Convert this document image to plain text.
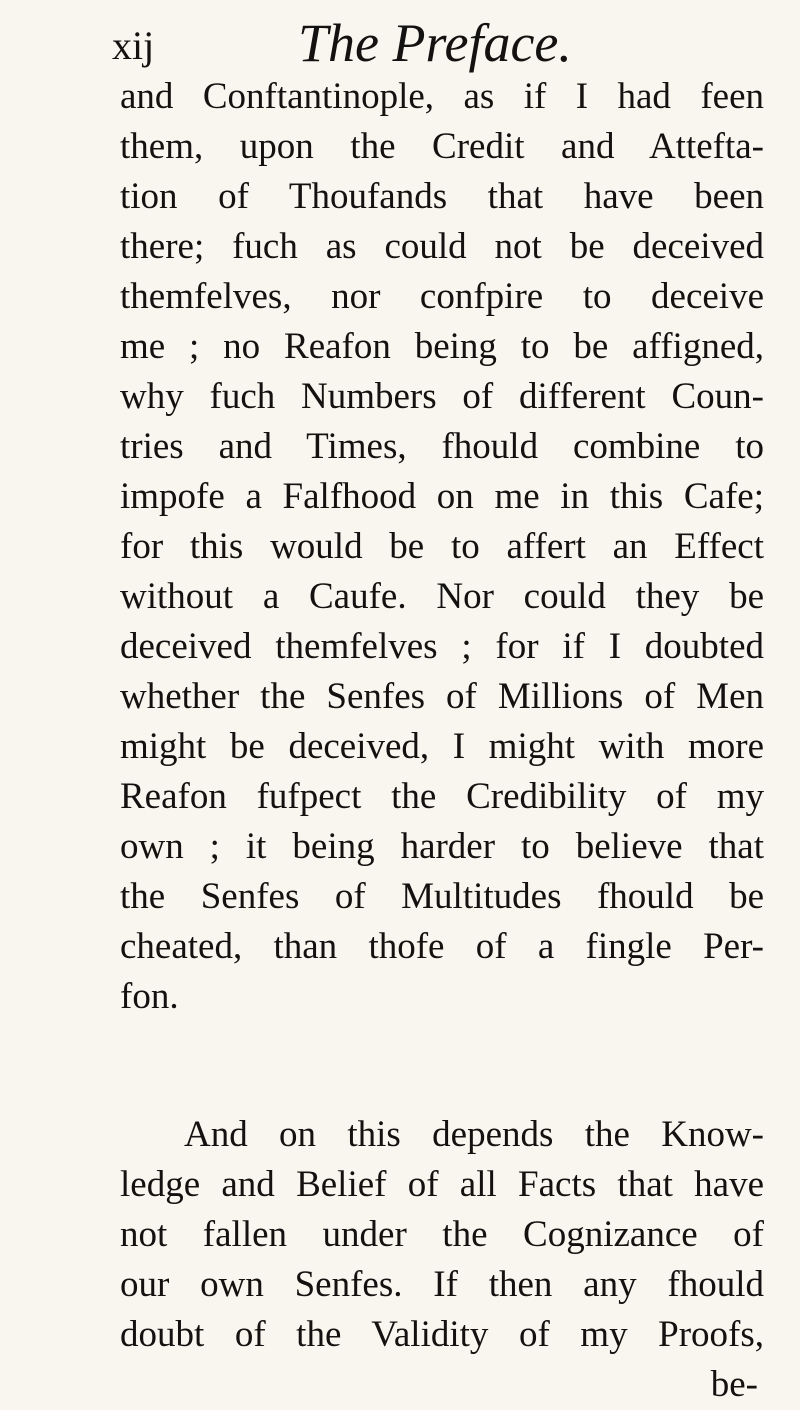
xij	The Preface.
and Conftantinople, as if I had feen
them, upon the Credit and Attefta-
tion of Thoufands that have been
there; fuch as could not be deceived
themfelves, nor confpire to deceive
me ; no Reafon being to be affigned,
why fuch Numbers of different Coun-
tries and Times, fhould combine to
impofe a Falfhood on me in this Cafe;
for this would be to affert an Effect
without a Caufe. Nor could they be
deceived themfelves ; for if I doubted
whether the Senfes of Millions of Men
might be deceived, I might with more
Reafon fufpect the Credibility of my
own ; it being harder to believe that
the Senfes of Multitudes fhould be
cheated, than thofe of a fingle Per-
fon.
And on this depends the Know-
ledge and Belief of all Facts that have
not fallen under the Cognizance of
our own Senfes. If then any fhould
doubt of the Validity of my Proofs,
be-
